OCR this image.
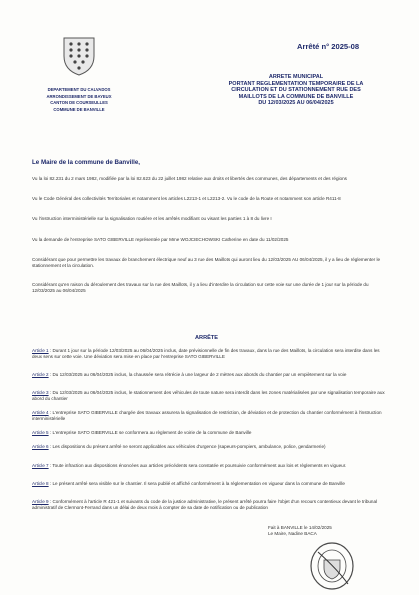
Arrêté n° 2025-08
DEPARTEMENT DU CALVADOS
ARRONDISSEMENT DE BAYEUX
CANTON DE COURSEULLES
COMMUNE DE BANVILLE
ARRETE MUNICIPAL
PORTANT REGLEMENTATION TEMPORAIRE DE LA
CIRCULATION ET DU STATIONNEMENT RUE DES
MAILLOTS DE LA COMMUNE DE BANVILLE
DU 12/03/2025 AU 06/04/2025
Le Maire de la commune de Banville,
Vu la loi 82.231 du 2 mars 1982, modifiée par la loi 82.623 du 22 juillet 1982 relative aux droits et libertés des communes, des départements et des régions
Vu le Code Général des collectivités Territoriales et notamment les articles L2213-1 et L2213-2. Vu le code de la Route et notamment son article R411-8
Vu l'instruction interministérielle sur la signalisation routière et les arrêtés modifiant ou visant les parties 1 à 8 du livre I
Vu la demande de l'entreprise SATO GIBERVILLE représentée par Mme WOJCIECHOWSKI Catherine en date du 11/02/2025
Considérant que pour permettre les travaux de branchement électrique neuf au 3 rue des Maillots qui auront lieu du 12/03/2025 AU 06/04/2025, il y a lieu de réglementer le stationnement et la circulation.
Considérant qu'en raison du déroulement des travaux sur la rue des Maillots, il y a lieu d'interdire la circulation sur cette voie sur une durée de 1 jour sur la période du 12/03/2025 au 06/04/2025
ARRÊTE
Article 1 : Durant 1 jour sur la période 12/03/2025 au 06/04/2025 inclus, date prévisionnelle de fin des travaux, dans la rue des Maillots, la circulation sera interdite dans les deux sens sur cette voie. Une déviation sera mise en place par l'entreprise SATO GIBERVILLE
Article 2 : Du 12/03/2025 au 06/04/2025 inclus, la chaussée sera rétrécie à une largeur de 2 mètres aux abords du chantier par un empiètement sur la voie
Article 3 : Du 12/03/2025 au 06/04/2025 inclus, le stationnement des véhicules de toute nature sera interdit dans les zones matérialisées par une signalisation temporaire aux abord du chantier
Article 4 : L'entreprise SATO GIBERVILLE chargée des travaux assurera la signalisation de restriction, de déviation et de protection du chantier conformément à l'instruction interministérielle
Article 5 : L'entreprise SATO GIBERVILLE se conformera au règlement de voirie de la commune de Banville
Article 6 : Les dispositions du présent arrêté ne seront applicables aux véhicules d'urgence (sapeurs-pompiers, ambulance, police, gendarmerie)
Article 7 : Toute infraction aux dispositions énoncées aux articles précédents sera constatée et poursuivie conformément aux lois et règlements en vigueur.
Article 8 : Le présent arrêté sera visible sur le chantier. Il sera publié et affiché conformément à la réglementation en vigueur dans la commune de Banville
Article 9 : Conformément à l'article R 421-1 et suivants du code de la justice administrative, le présent arrêté pourra faire l'objet d'un recours contentieux devant le tribunal administratif de Clermont-Ferrand dans un délai de deux mois à compter de sa date de notification ou de publication
Fait à BANVILLE le 14/02/2025
Le Maire, Nadine BACA
